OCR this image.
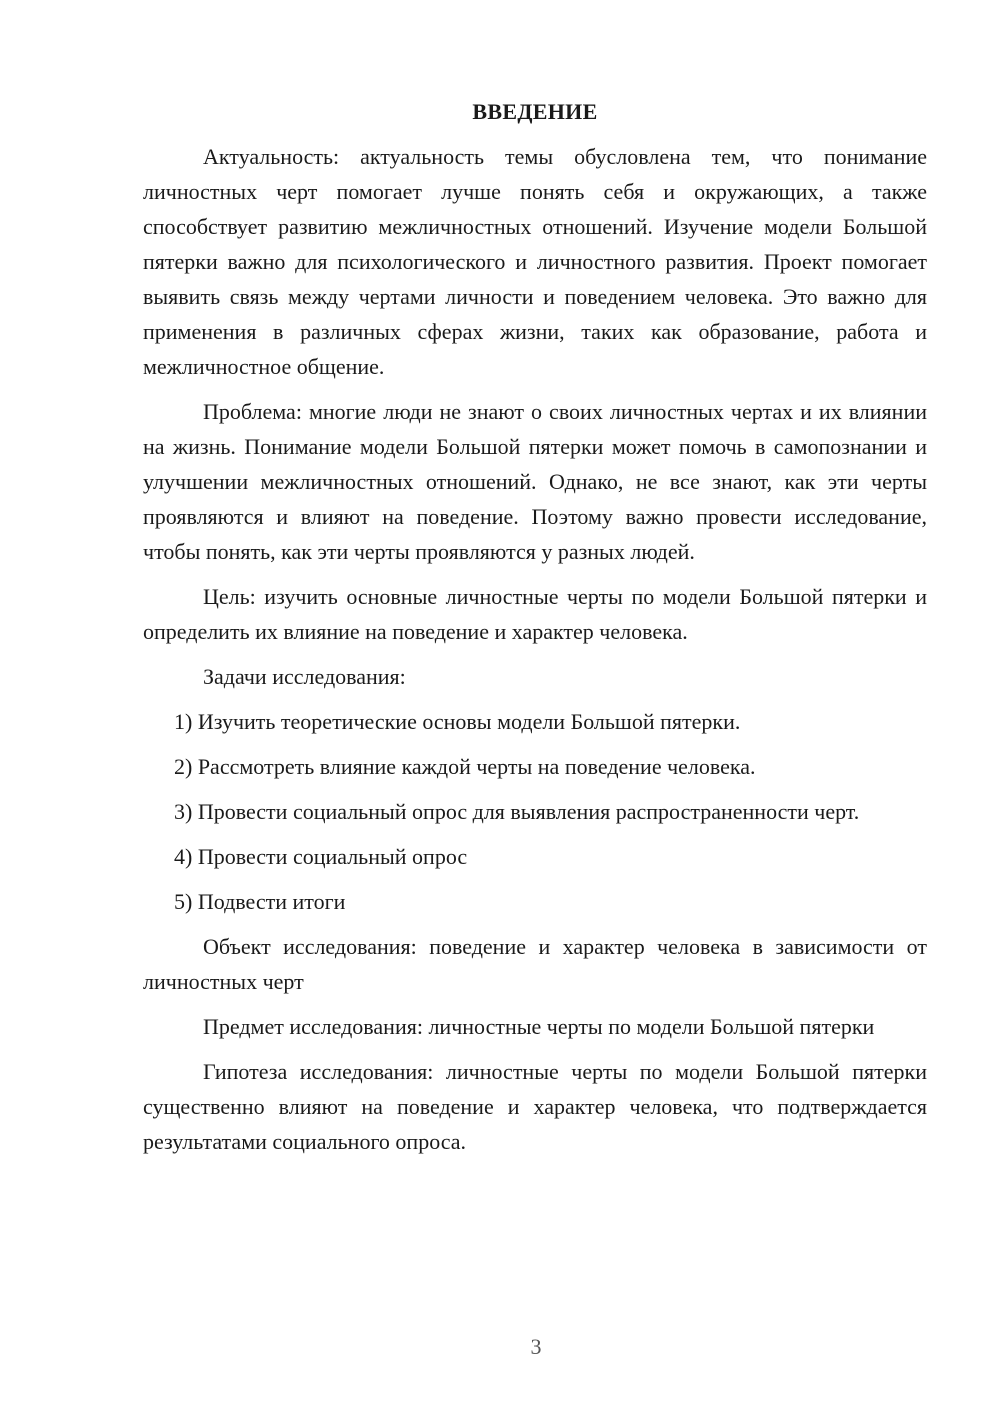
ВВЕДЕНИЕ

Актуальность: актуальность темы обусловлена тем, что понимание личностных черт помогает лучше понять себя и окружающих, а также способствует развитию межличностных отношений. Изучение модели Большой пятерки важно для психологического и личностного развития. Проект помогает выявить связь между чертами личности и поведением человека. Это важно для применения в различных сферах жизни, таких как образование, работа и межличностное общение.

Проблема: многие люди не знают о своих личностных чертах и их влиянии на жизнь. Понимание модели Большой пятерки может помочь в самопознании и улучшении межличностных отношений. Однако, не все знают, как эти черты проявляются и влияют на поведение. Поэтому важно провести исследование, чтобы понять, как эти черты проявляются у разных людей.

Цель: изучить основные личностные черты по модели Большой пятерки и определить их влияние на поведение и характер человека.

Задачи исследования:

1) Изучить теоретические основы модели Большой пятерки.

2) Рассмотреть влияние каждой черты на поведение человека.

3) Провести социальный опрос для выявления распространенности черт.

4) Провести социальный опрос

5) Подвести итоги

Объект исследования: поведение и характер человека в зависимости от личностных черт

Предмет исследования: личностные черты по модели Большой пятерки

Гипотеза исследования: личностные черты по модели Большой пятерки существенно влияют на поведение и характер человека, что подтверждается результатами социального опроса.

3
